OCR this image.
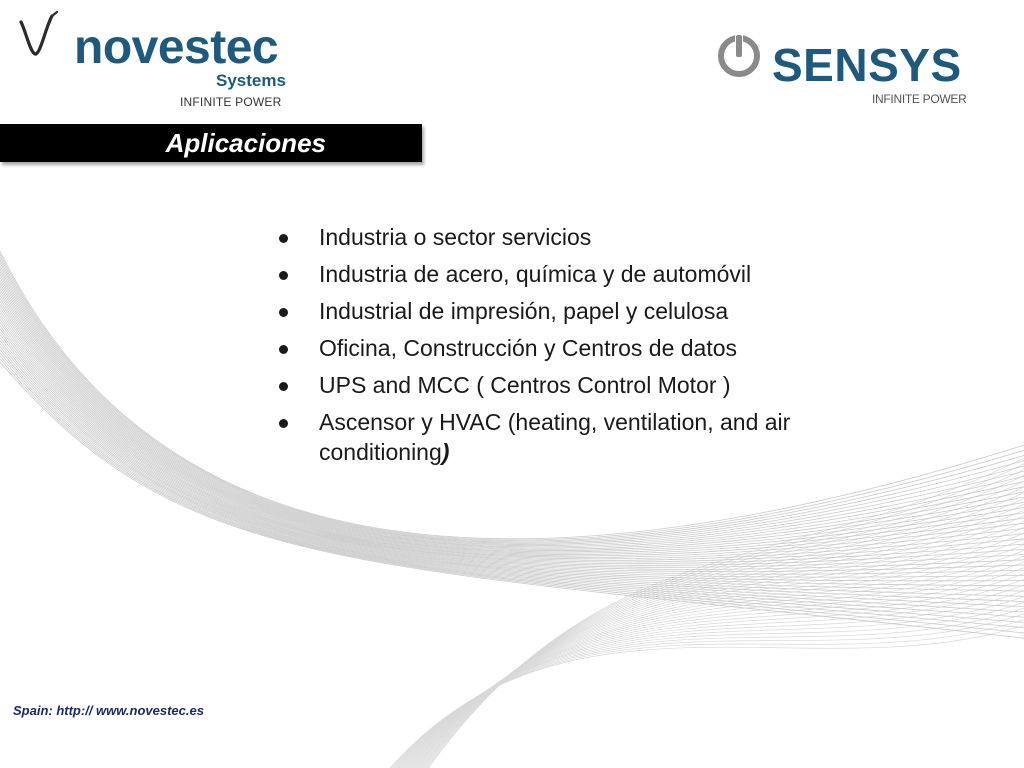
novestec
Systems
INFINITE POWER
SENSYS
INFINITE POWER
Aplicaciones
Industria o sector servicios
Industria de acero, química y de automóvil
Industrial de impresión, papel y celulosa
Oficina, Construcción y Centros de datos
UPS and MCC ( Centros Control Motor )
Ascensor y HVAC (heating, ventilation, and air conditioning)
Spain: http:// www.novestec.es
